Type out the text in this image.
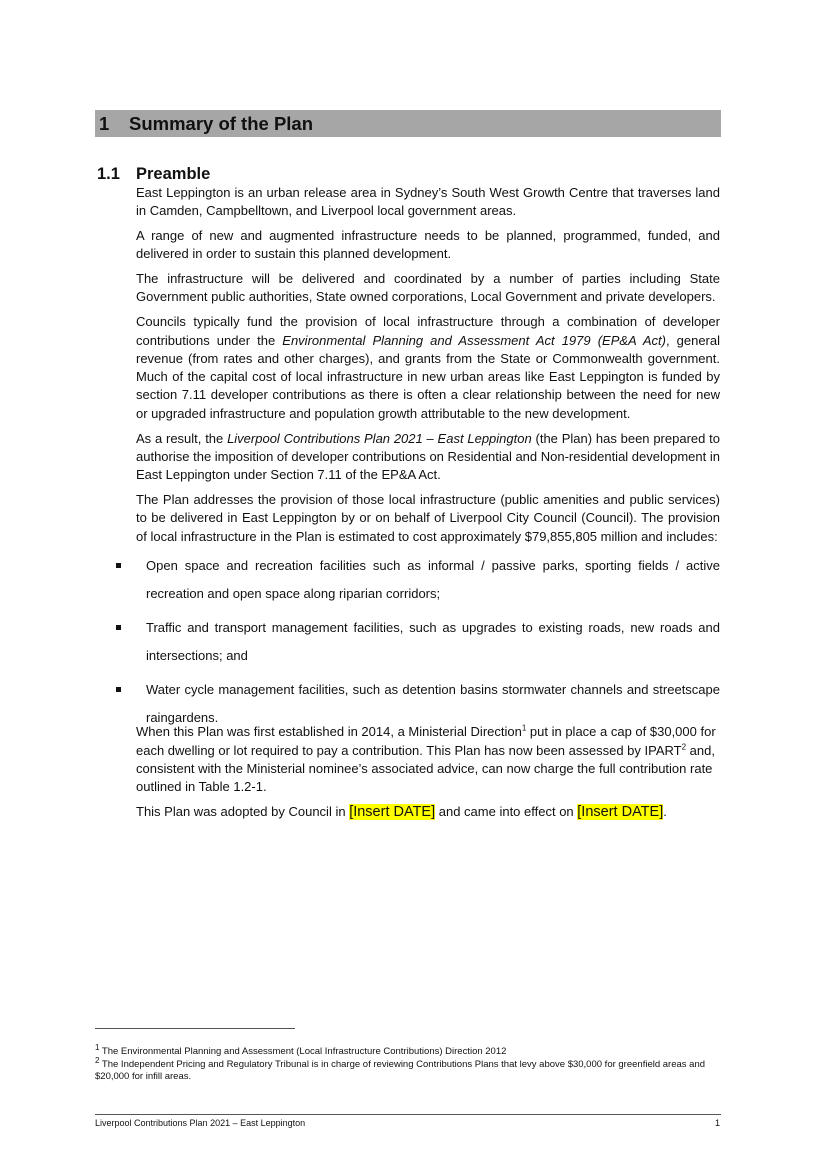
1 Summary of the Plan
1.1 Preamble

East Leppington is an urban release area in Sydney’s South West Growth Centre that traverses land in Camden, Campbelltown, and Liverpool local government areas.

A range of new and augmented infrastructure needs to be planned, programmed, funded, and delivered in order to sustain this planned development.

The infrastructure will be delivered and coordinated by a number of parties including State Government public authorities, State owned corporations, Local Government and private developers.

Councils typically fund the provision of local infrastructure through a combination of developer contributions under the Environmental Planning and Assessment Act 1979 (EP&A Act), general revenue (from rates and other charges), and grants from the State or Commonwealth government. Much of the capital cost of local infrastructure in new urban areas like East Leppington is funded by section 7.11 developer contributions as there is often a clear relationship between the need for new or upgraded infrastructure and population growth attributable to the new development.

As a result, the Liverpool Contributions Plan 2021 – East Leppington (the Plan) has been prepared to authorise the imposition of developer contributions on Residential and Non-residential development in East Leppington under Section 7.11 of the EP&A Act.

The Plan addresses the provision of those local infrastructure (public amenities and public services) to be delivered in East Leppington by or on behalf of Liverpool City Council (Council). The provision of local infrastructure in the Plan is estimated to cost approximately $79,855,805 million and includes:

Open space and recreation facilities such as informal / passive parks, sporting fields / active recreation and open space along riparian corridors;
Traffic and transport management facilities, such as upgrades to existing roads, new roads and intersections; and
Water cycle management facilities, such as detention basins stormwater channels and streetscape raingardens.

When this Plan was first established in 2014, a Ministerial Direction$^1$ put in place a cap of $30,000 for each dwelling or lot required to pay a contribution. This Plan has now been assessed by IPART$^2$ and, consistent with the Ministerial nominee’s associated advice, can now charge the full contribution rate outlined in Table 1.2-1.

This Plan was adopted by Council in [Insert DATE] and came into effect on [Insert DATE].

$^1$ The Environmental Planning and Assessment (Local Infrastructure Contributions) Direction 2012
$^2$ The Independent Pricing and Regulatory Tribunal is in charge of reviewing Contributions Plans that levy above $30,000 for greenfield areas and $20,000 for infill areas.
Liverpool Contributions Plan 2021 – East Leppington	1
